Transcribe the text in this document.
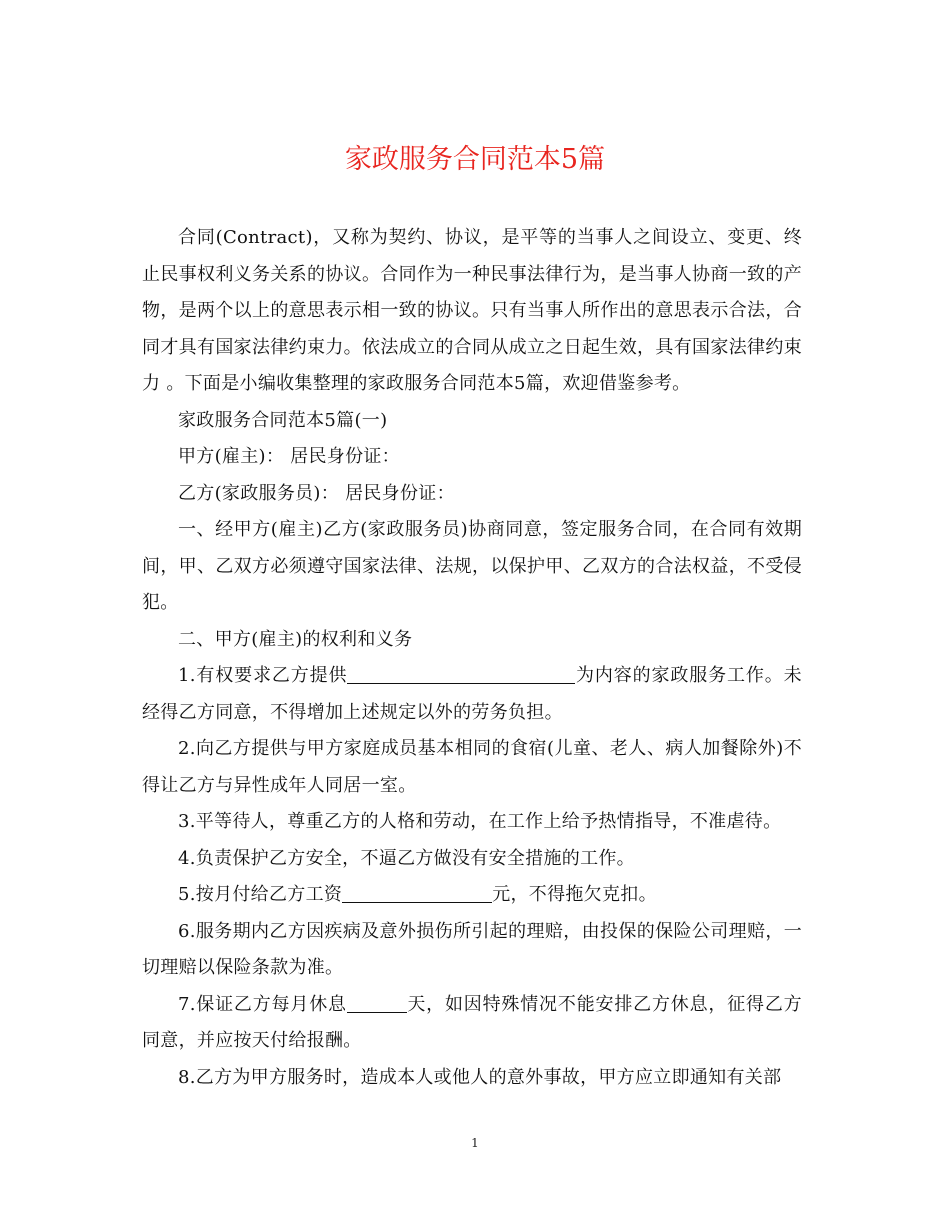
家政服务合同范本5篇

合同(Contract)，又称为契约、协议，是平等的当事人之间设立、变更、终止民事权利义务关系的协议。合同作为一种民事法律行为，是当事人协商一致的产物，是两个以上的意思表示相一致的协议。只有当事人所作出的意思表示合法，合同才具有国家法律约束力。依法成立的合同从成立之日起生效，具有国家法律约束力 。下面是小编收集整理的家政服务合同范本5篇，欢迎借鉴参考。

家政服务合同范本5篇(一)

甲方(雇主)： 居民身份证：

乙方(家政服务员)： 居民身份证：

一、经甲方(雇主)乙方(家政服务员)协商同意，签定服务合同，在合同有效期间，甲、乙双方必须遵守国家法律、法规，以保护甲、乙双方的合法权益，不受侵犯。

二、甲方(雇主)的权利和义务

1.有权要求乙方提供	为内容的家政服务工作。未经得乙方同意，不得增加上述规定以外的劳务负担。

2.向乙方提供与甲方家庭成员基本相同的食宿(儿童、老人、病人加餐除外)不得让乙方与异性成年人同居一室。

3.平等待人，尊重乙方的人格和劳动，在工作上给予热情指导，不准虐待。

4.负责保护乙方安全，不逼乙方做没有安全措施的工作。

5.按月付给乙方工资	元，不得拖欠克扣。

6.服务期内乙方因疾病及意外损伤所引起的理赔，由投保的保险公司理赔，一切理赔以保险条款为准。

7.保证乙方每月休息	天，如因特殊情况不能安排乙方休息，征得乙方同意，并应按天付给报酬。

8.乙方为甲方服务时，造成本人或他人的意外事故，甲方应立即通知有关部

1
